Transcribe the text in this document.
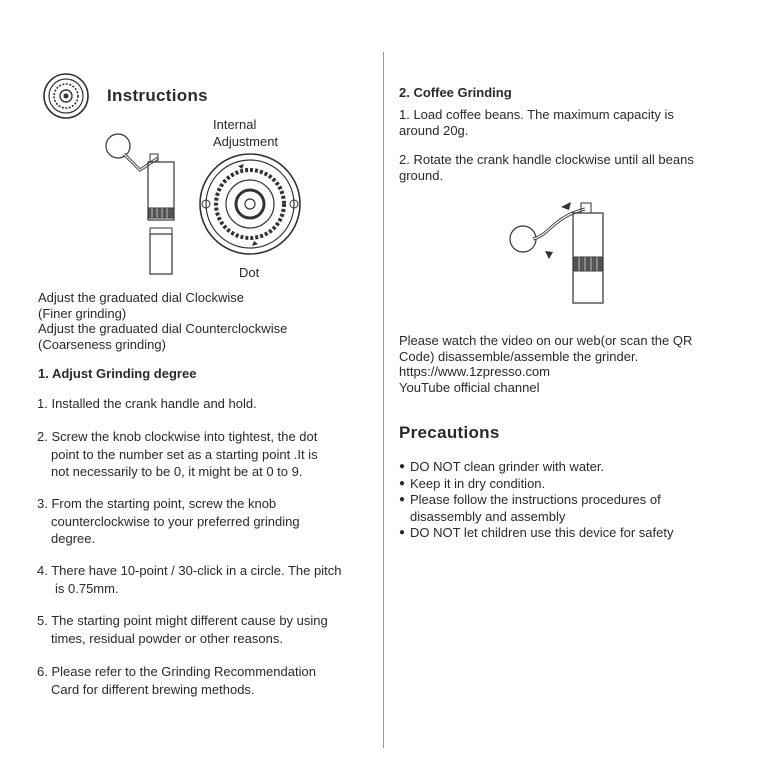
Instructions
Internal
Adjustment
Dot
Adjust the graduated dial Clockwise
(Finer grinding)
Adjust the graduated dial Counterclockwise
(Coarseness grinding)
1. Adjust Grinding degree
1. Installed the crank handle and hold.
2. Screw the knob clockwise into tightest, the dot
point to the number set as a starting point .It is
not necessarily to be 0, it might be at 0 to 9.
3. From the starting point, screw the knob
counterclockwise to your preferred grinding
degree.
4. There have 10-point / 30-click in a circle. The pitch
is 0.75mm.
5. The starting point might different cause by using
times, residual powder or other reasons.
6. Please refer to the Grinding Recommendation
Card for different brewing methods.
2. Coffee Grinding
1. Load coffee beans. The maximum capacity is
around 20g.
2. Rotate the crank handle clockwise until all beans
ground.
Please watch the video on our web(or scan the QR
Code) disassemble/assemble the grinder.
https://www.1zpresso.com
YouTube official channel
Precautions
● DO NOT clean grinder with water.
● Keep it in dry condition.
● Please follow the instructions procedures of
disassembly and assembly
● DO NOT let children use this device for safety
